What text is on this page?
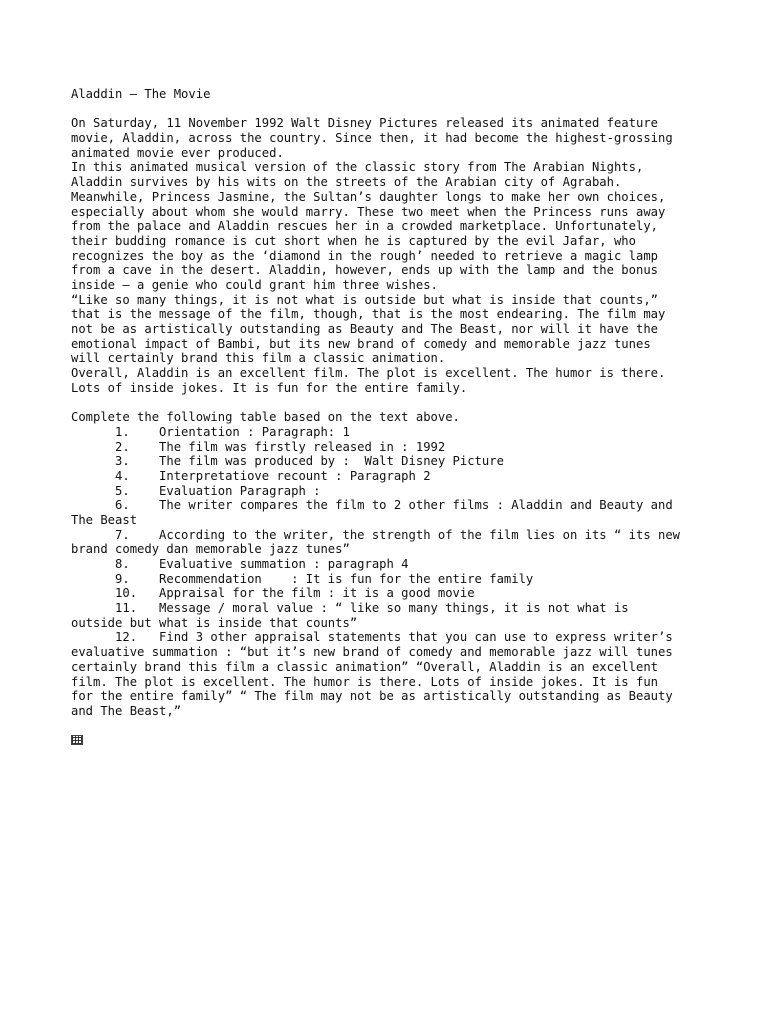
Aladdin – The Movie
On Saturday, 11 November 1992 Walt Disney Pictures released its animated feature
movie, Aladdin, across the country. Since then, it had become the highest-grossing
animated movie ever produced.
In this animated musical version of the classic story from The Arabian Nights,
Aladdin survives by his wits on the streets of the Arabian city of Agrabah.
Meanwhile, Princess Jasmine, the Sultan’s daughter longs to make her own choices,
especially about whom she would marry. These two meet when the Princess runs away
from the palace and Aladdin rescues her in a crowded marketplace. Unfortunately,
their budding romance is cut short when he is captured by the evil Jafar, who
recognizes the boy as the ‘diamond in the rough’ needed to retrieve a magic lamp
from a cave in the desert. Aladdin, however, ends up with the lamp and the bonus
inside – a genie who could grant him three wishes.
“Like so many things, it is not what is outside but what is inside that counts,”
that is the message of the film, though, that is the most endearing. The film may
not be as artistically outstanding as Beauty and The Beast, nor will it have the
emotional impact of Bambi, but its new brand of comedy and memorable jazz tunes
will certainly brand this film a classic animation.
Overall, Aladdin is an excellent film. The plot is excellent. The humor is there.
Lots of inside jokes. It is fun for the entire family.
Complete the following table based on the text above.
1.    Orientation : Paragraph: 1
2.    The film was firstly released in : 1992
3.    The film was produced by :  Walt Disney Picture
4.    Interpretatiove recount : Paragraph 2
5.    Evaluation Paragraph :
6.    The writer compares the film to 2 other films : Aladdin and Beauty and
The Beast
7.    According to the writer, the strength of the film lies on its “ its new
brand comedy dan memorable jazz tunes”
8.    Evaluative summation : paragraph 4
9.    Recommendation    : It is fun for the entire family
10.   Appraisal for the film : it is a good movie
11.   Message / moral value : “ like so many things, it is not what is
outside but what is inside that counts”
12.   Find 3 other appraisal statements that you can use to express writer’s
evaluative summation : “but it’s new brand of comedy and memorable jazz will tunes
certainly brand this film a classic animation” “Overall, Aladdin is an excellent
film. The plot is excellent. The humor is there. Lots of inside jokes. It is fun
for the entire family” “ The film may not be as artistically outstanding as Beauty
and The Beast,”
